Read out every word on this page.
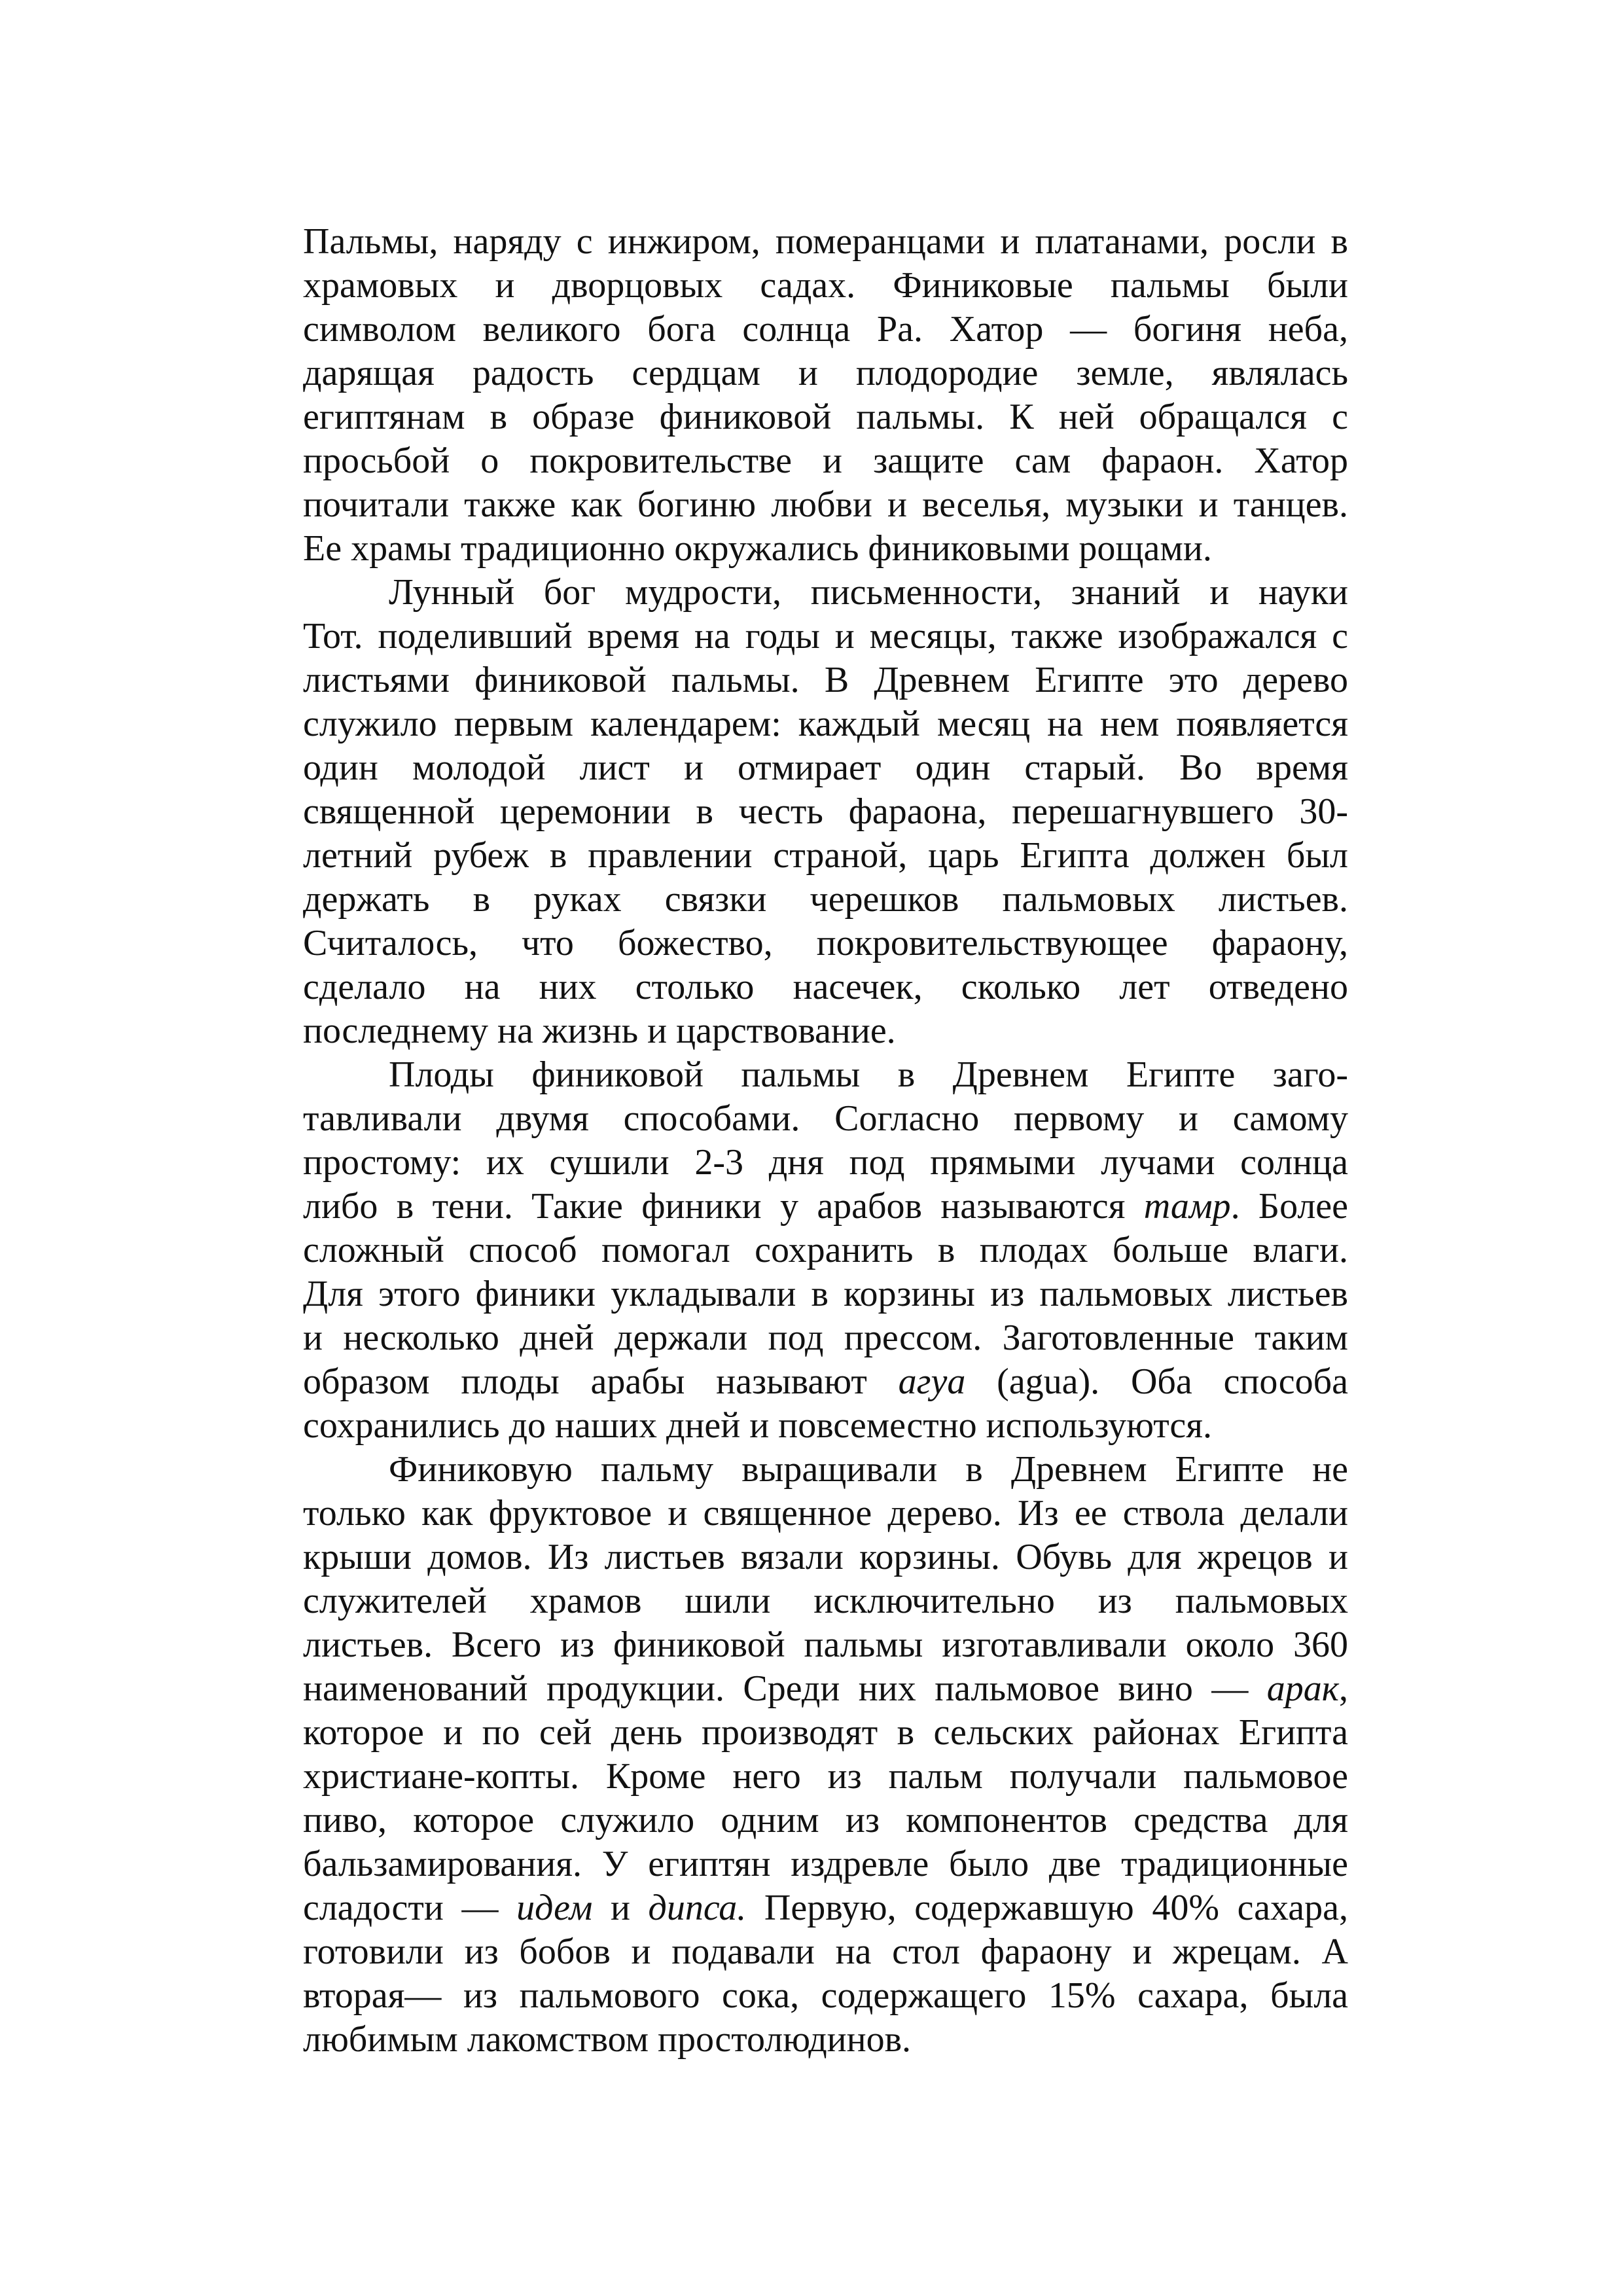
Пальмы, наряду с инжиром, померанцами и платанами, росли в
храмовых и дворцовых садах. Финиковые пальмы были
символом великого бога солнца Ра. Хатор — богиня неба,
дарящая радость сердцам и плодородие земле, являлась
египтянам в образе финиковой пальмы. К ней обращался с
просьбой о покровительстве и защите сам фараон. Хатор
почитали также как богиню любви и веселья, музыки и танцев.
Ее храмы традиционно окружались финиковыми рощами.
Лунный бог мудрости, письменности, знаний и науки
Тот. поделивший время на годы и месяцы, также изображался с
листьями финиковой пальмы. В Древнем Египте это дерево
служило первым календарем: каждый месяц на нем появляется
один молодой лист и отмирает один старый. Во время
священной церемонии в честь фараона, перешагнувшего 30-
летний рубеж в правлении страной, царь Египта должен был
держать в руках связки черешков пальмовых листьев.
Считалось, что божество, покровительствующее фараону,
сделало на них столько насечек, сколько лет отведено
последнему на жизнь и царствование.
Плоды финиковой пальмы в Древнем Египте заго-
тавливали двумя способами. Согласно первому и самому
простому: их сушили 2-3 дня под прямыми лучами солнца
либо в тени. Такие финики у арабов называются тамр. Более
сложный способ помогал сохранить в плодах больше влаги.
Для этого финики укладывали в корзины из пальмовых листьев
и несколько дней держали под прессом. Заготовленные таким
образом плоды арабы называют агуа (agua). Оба способа
сохранились до наших дней и повсеместно используются.
Финиковую пальму выращивали в Древнем Египте не
только как фруктовое и священное дерево. Из ее ствола делали
крыши домов. Из листьев вязали корзины. Обувь для жрецов и
служителей храмов шили исключительно из пальмовых
листьев. Всего из финиковой пальмы изготавливали около 360
наименований продукции. Среди них пальмовое вино — арак,
которое и по сей день производят в сельских районах Египта
христиане-копты. Кроме него из пальм получали пальмовое
пиво, которое служило одним из компонентов средства для
бальзамирования. У египтян издревле было две традиционные
сладости — идем и дипса. Первую, содержавшую 40% сахара,
готовили из бобов и подавали на стол фараону и жрецам. А
вторая— из пальмового сока, содержащего 15% сахара, была
любимым лакомством простолюдинов.
